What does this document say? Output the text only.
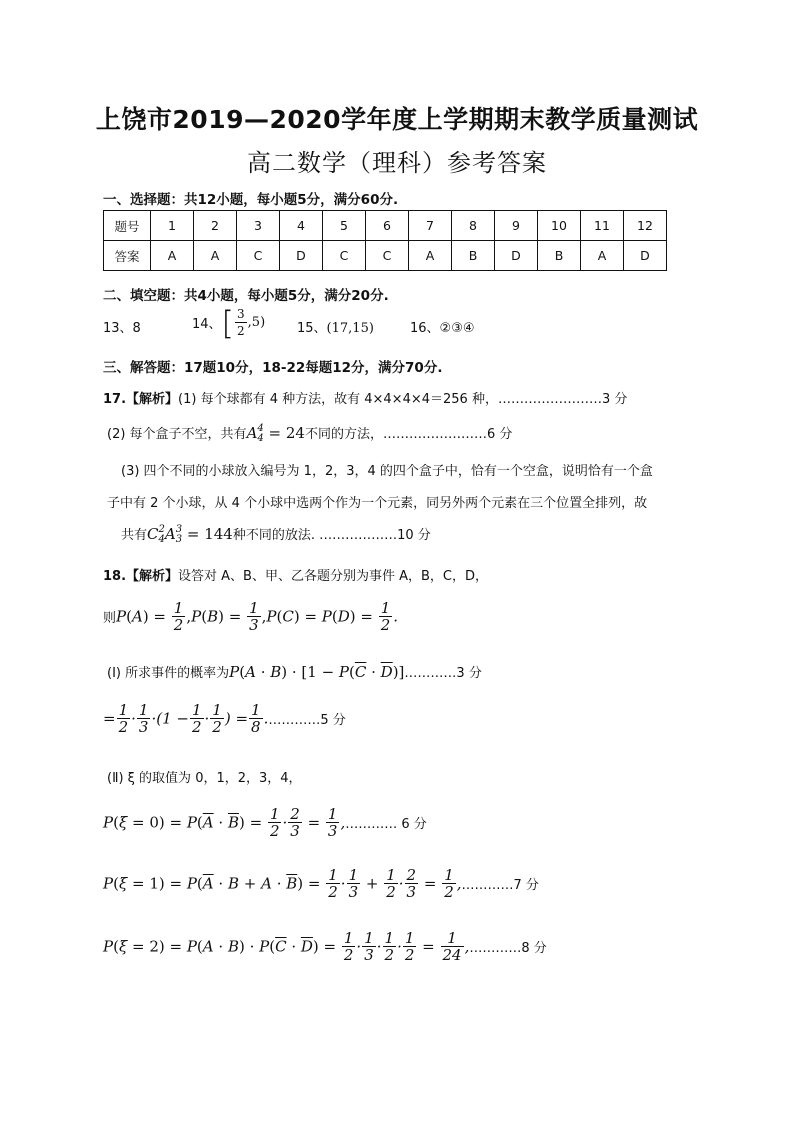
上饶市2019—2020学年度上学期期末教学质量测试
高二数学（理科）参考答案
一、选择题：共12小题，每小题5分，满分60分.
题号	1	2	3	4	5	6	7	8	9	10	11	12
答案	A	A	C	D	C	C	A	B	D	B	A	D
二、填空题：共4小题，每小题5分，满分20分.
13、8	14、[ $\frac{3}{2} ,5$) 15、(17,15)	16、②③④
三、解答题：17题10分，18-22每题12分，满分70分.
17.【解析】(1) 每个球都有 4 种方法，故有 4×4×4×4＝256 种，……………………3 分
(2) 每个盒子不空，共有A 4
4 = 24不同的方法，……………………6 分
(3) 四个不同的小球放入编号为 1，2，3，4 的四个盒子中，恰有一个空盒，说明恰有一个盒
子中有 2 个小球，从 4 个小球中选两个作为一个元素，同另外两个元素在三个位置全排列，故
共有C 2
4 A 3
3 = 144种不同的放法. ………………10 分
18.【解析】设答对 A、B、甲、乙各题分别为事件 A，B，C，D，
则$P(A) = \frac{1}{2} ,P(B) = \frac{1}{3} ,P(C) = P(D) = \frac{1}{2}$ .
(Ⅰ) 所求事件的概率为$P(A \cdot B) \cdot [1 - P(\overline{C}$ · $\overline{D})]\dots\dots\dots\dots 3$ 分
= $\frac{1}{2} \cdot \frac{1}{3} \cdot(1 - \frac{1}{2} \cdot \frac{1}{2}$ ) = $\frac{1}{8}$ .…………5 分
(Ⅱ) ξ 的取值为 0，1，2，3，4，
$P(\xi = 0) = P(\overline{A} \cdot \overline{B}) = \frac{1}{2} \cdot \frac{2}{3} = \frac{1}{3}$ ,………… 6 分
$P(\xi = 1) = P(\overline{A} \cdot B + A \cdot \overline{B}) = \frac{1}{2} \cdot \frac{1}{3} + \frac{1}{2} \cdot \frac{2}{3} = \frac{1}{2}$ ,…………7 分
$P(\xi = 2) = P(A \cdot B) \cdot P(\overline{C} \cdot \overline{D}) = \frac{1}{2} \cdot \frac{1}{3} \cdot \frac{1}{2} \cdot \frac{1}{2} = \frac{1}{24}$ ,…………8 分
